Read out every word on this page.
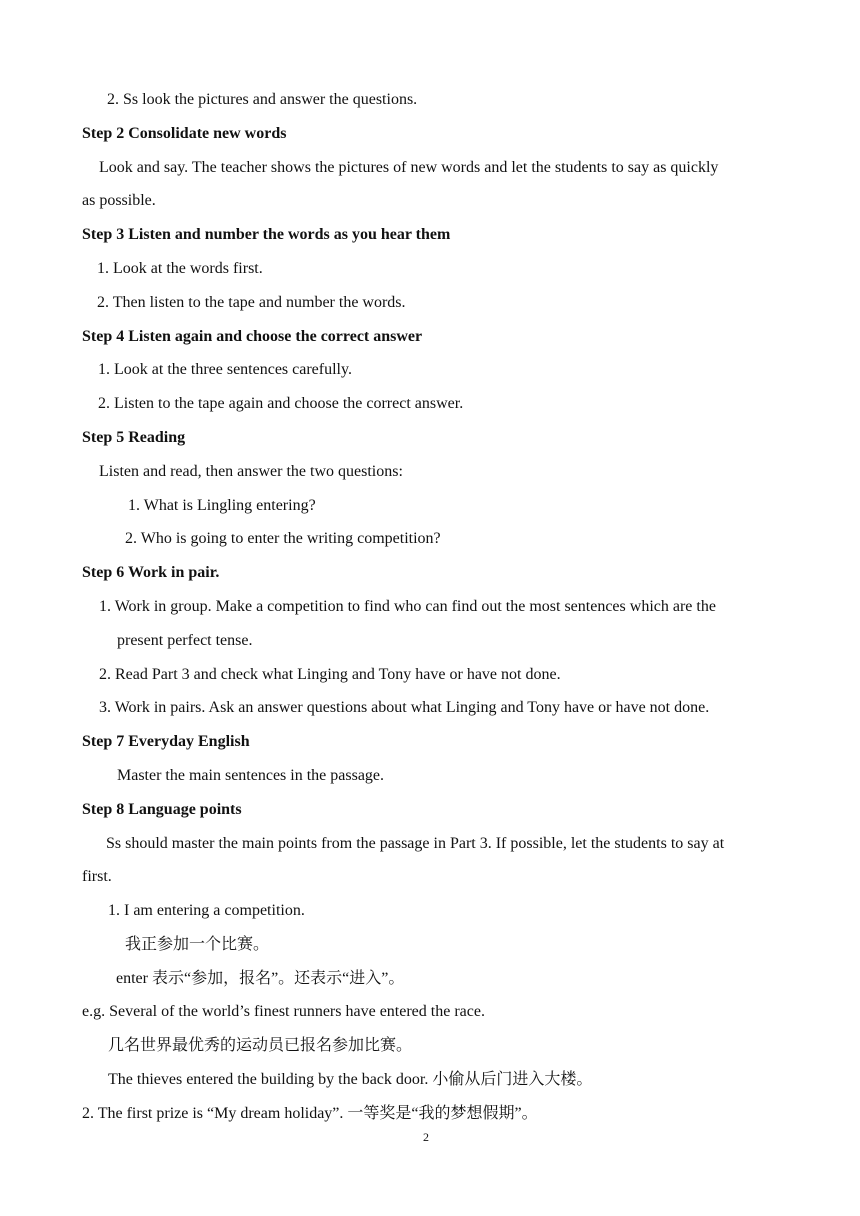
2. Ss look the pictures and answer the questions.
Step 2 Consolidate new words
Look and say. The teacher shows the pictures of new words and let the students to say as quickly
as possible.
Step 3 Listen and number the words as you hear them
1. Look at the words first.
2. Then listen to the tape and number the words.
Step 4 Listen again and choose the correct answer
1. Look at the three sentences carefully.
2. Listen to the tape again and choose the correct answer.
Step 5 Reading
Listen and read, then answer the two questions:
1. What is Lingling entering?
2. Who is going to enter the writing competition?
Step 6 Work in pair.
1. Work in group. Make a competition to find who can find out the most sentences which are the
present perfect tense.
2. Read Part 3 and check what Linging and Tony have or have not done.
3. Work in pairs. Ask an answer questions about what Linging and Tony have or have not done.
Step 7 Everyday English
Master the main sentences in the passage.
Step 8 Language points
Ss should master the main points from the passage in Part 3. If possible, let the students to say at
first.
1. I am entering a competition.
我正参加一个比赛。
enter 表示“参加，报名”。还表示“进入”。
e.g. Several of the world’s finest runners have entered the race.
几名世界最优秀的运动员已报名参加比赛。
The thieves entered the building by the back door. 小偷从后门进入大楼。
2. The first prize is “My dream holiday”. 一等奖是“我的梦想假期”。
2
